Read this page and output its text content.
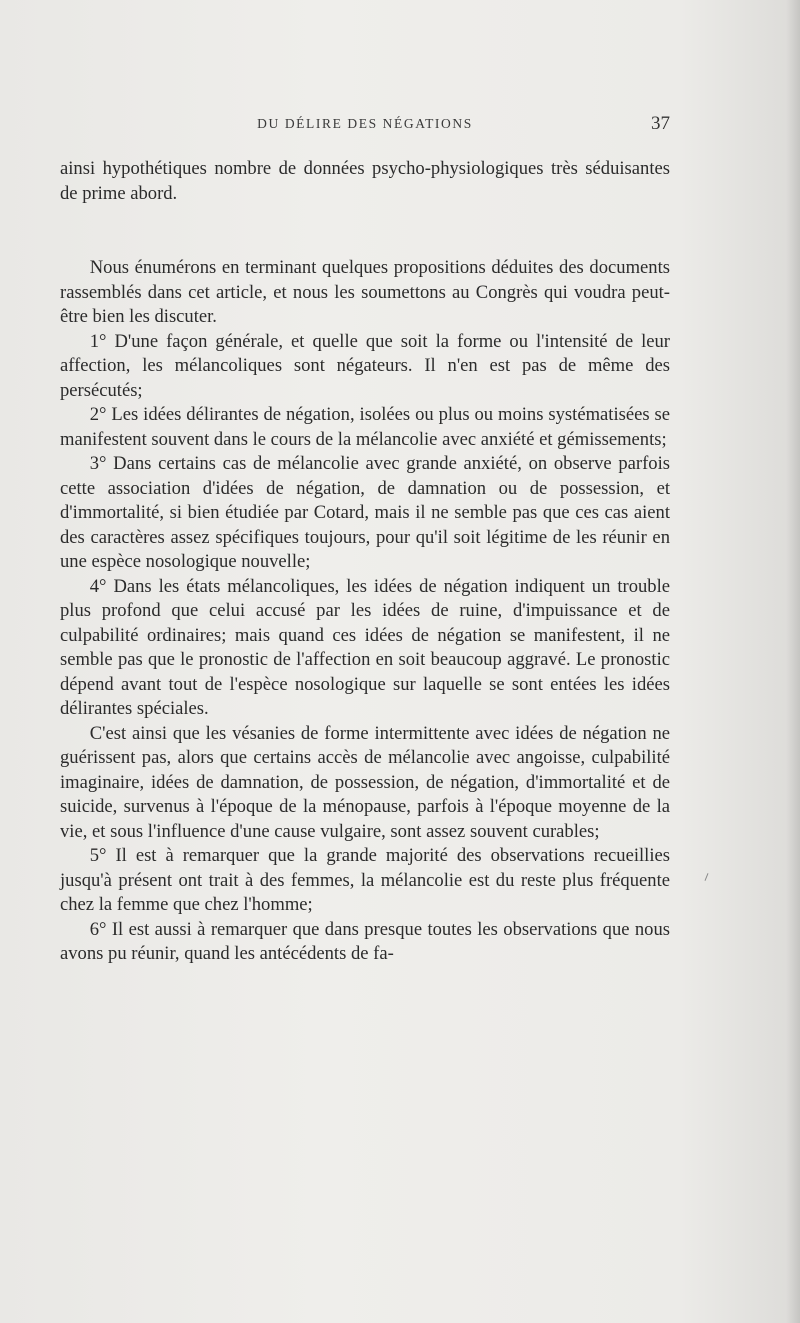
DU DÉLIRE DES NÉGATIONS	37

ainsi hypothétiques nombre de données psycho-physiologiques très séduisantes de prime abord.

Nous énumérons en terminant quelques propositions déduites des documents rassemblés dans cet article, et nous les soumettons au Congrès qui voudra peut-être bien les discuter.

1° D'une façon générale, et quelle que soit la forme ou l'intensité de leur affection, les mélancoliques sont négateurs. Il n'en est pas de même des persécutés;

2° Les idées délirantes de négation, isolées ou plus ou moins systématisées se manifestent souvent dans le cours de la mélancolie avec anxiété et gémissements;

3° Dans certains cas de mélancolie avec grande anxiété, on observe parfois cette association d'idées de négation, de damnation ou de possession, et d'immortalité, si bien étudiée par Cotard, mais il ne semble pas que ces cas aient des caractères assez spécifiques toujours, pour qu'il soit légitime de les réunir en une espèce nosologique nouvelle;

4° Dans les états mélancoliques, les idées de négation indiquent un trouble plus profond que celui accusé par les idées de ruine, d'impuissance et de culpabilité ordinaires; mais quand ces idées de négation se manifestent, il ne semble pas que le pronostic de l'affection en soit beaucoup aggravé. Le pronostic dépend avant tout de l'espèce nosologique sur laquelle se sont entées les idées délirantes spéciales.

C'est ainsi que les vésanies de forme intermittente avec idées de négation ne guérissent pas, alors que certains accès de mélancolie avec angoisse, culpabilité imaginaire, idées de damnation, de possession, de négation, d'immortalité et de suicide, survenus à l'époque de la ménopause, parfois à l'époque moyenne de la vie, et sous l'influence d'une cause vulgaire, sont assez souvent curables;

5° Il est à remarquer que la grande majorité des observations recueillies jusqu'à présent ont trait à des femmes, la mélancolie est du reste plus fréquente chez la femme que chez l'homme;

6° Il est aussi à remarquer que dans presque toutes les observations que nous avons pu réunir, quand les antécédents de fa-
